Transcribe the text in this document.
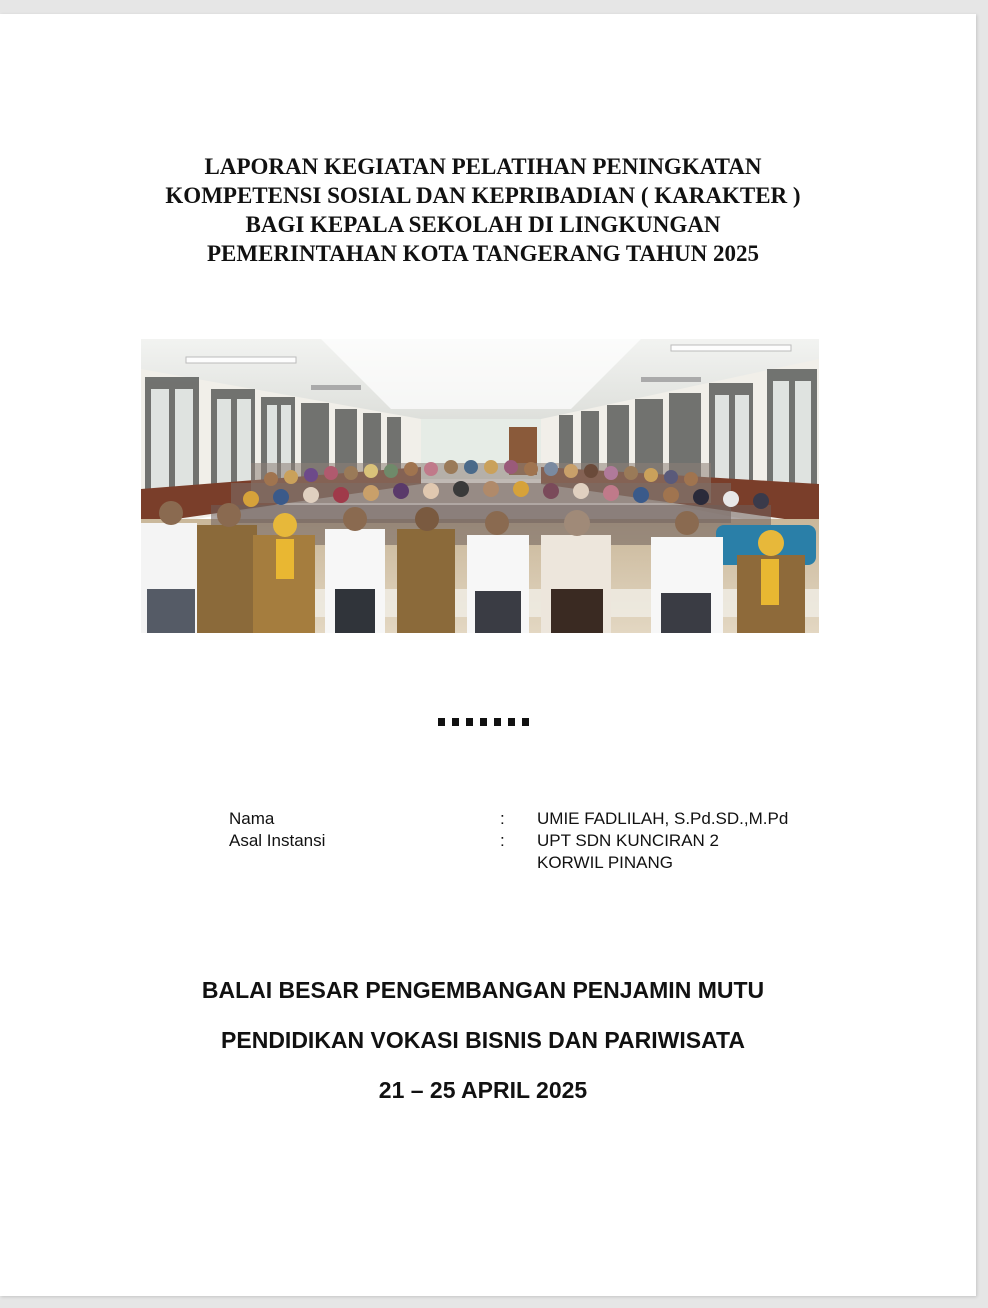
LAPORAN KEGIATAN PELATIHAN PENINGKATAN
KOMPETENSI SOSIAL DAN KEPRIBADIAN ( KARAKTER )
BAGI KEPALA SEKOLAH DI LINGKUNGAN
PEMERINTAHAN KOTA TANGERANG TAHUN 2025
Nama	: UMIE FADLILAH, S.Pd.SD.,M.Pd
Asal Instansi	: UPT SDN KUNCIRAN 2
KORWIL PINANG
BALAI BESAR PENGEMBANGAN PENJAMIN MUTU
PENDIDIKAN VOKASI BISNIS DAN PARIWISATA
21 – 25 APRIL 2025
